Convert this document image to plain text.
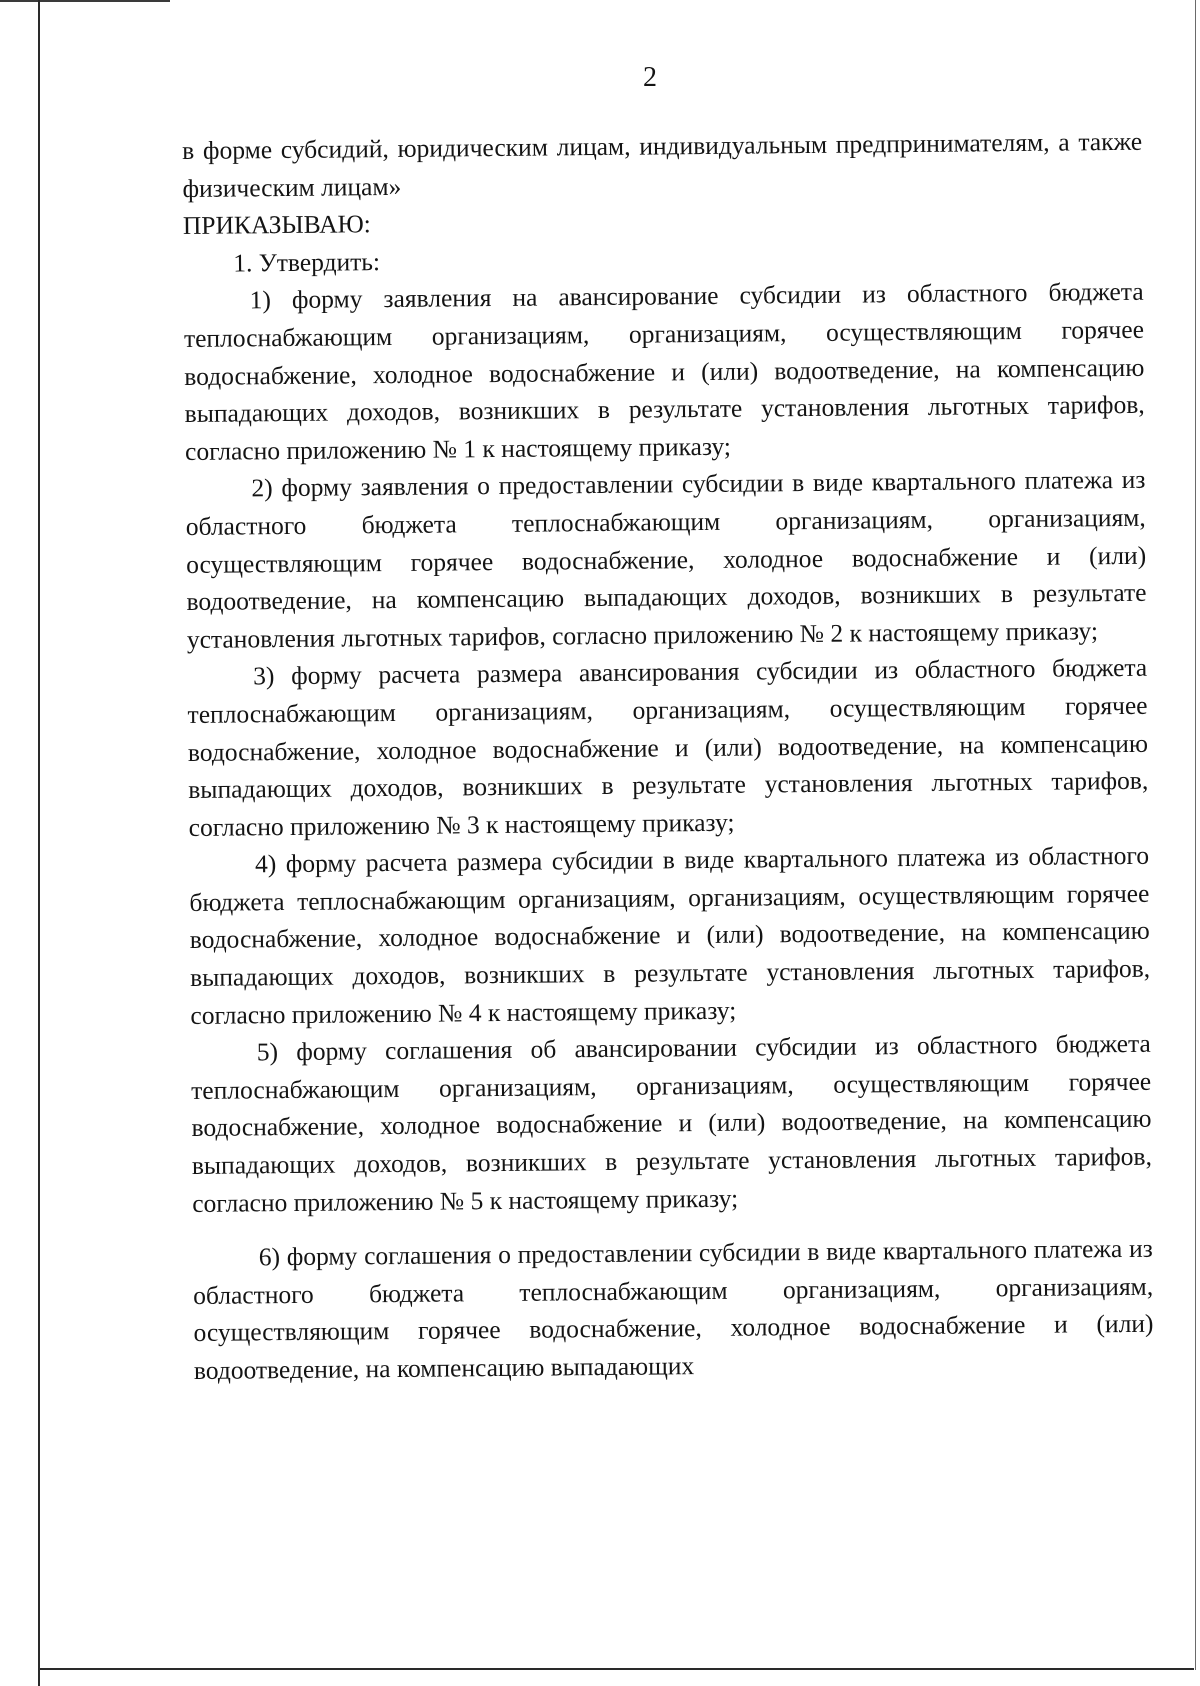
2

в форме субсидий, юридическим лицам, индивидуальным предпринимателям, а также физическим лицам»

ПРИКАЗЫВАЮ:

1. Утвердить:

1) форму заявления на авансирование субсидии из областного бюджета теплоснабжающим организациям, организациям, осуществляющим горячее водоснабжение, холодное водоснабжение и (или) водоотведение, на компенсацию выпадающих доходов, возникших в результате установления льготных тарифов, согласно приложению № 1 к настоящему приказу;

2) форму заявления о предоставлении субсидии в виде квартального платежа из областного бюджета теплоснабжающим организациям, организациям, осуществляющим горячее водоснабжение, холодное водоснабжение и (или) водоотведение, на компенсацию выпадающих доходов, возникших в результате установления льготных тарифов, согласно приложению № 2 к настоящему приказу;

3) форму расчета размера авансирования субсидии из областного бюджета теплоснабжающим организациям, организациям, осуществляющим горячее водоснабжение, холодное водоснабжение и (или) водоотведение, на компенсацию выпадающих доходов, возникших в результате установления льготных тарифов, согласно приложению № 3 к настоящему приказу;

4) форму расчета размера субсидии в виде квартального платежа из областного бюджета теплоснабжающим организациям, организациям, осуществляющим горячее водоснабжение, холодное водоснабжение и (или) водоотведение, на компенсацию выпадающих доходов, возникших в результате установления льготных тарифов, согласно приложению № 4 к настоящему приказу;

5) форму соглашения об авансировании субсидии из областного бюджета теплоснабжающим организациям, организациям, осуществляющим горячее водоснабжение, холодное водоснабжение и (или) водоотведение, на компенсацию выпадающих доходов, возникших в результате установления льготных тарифов, согласно приложению № 5 к настоящему приказу;

6) форму соглашения о предоставлении субсидии в виде квартального платежа из областного бюджета теплоснабжающим организациям, организациям, осуществляющим горячее водоснабжение, холодное водоснабжение и (или) водоотведение, на компенсацию выпадающих
